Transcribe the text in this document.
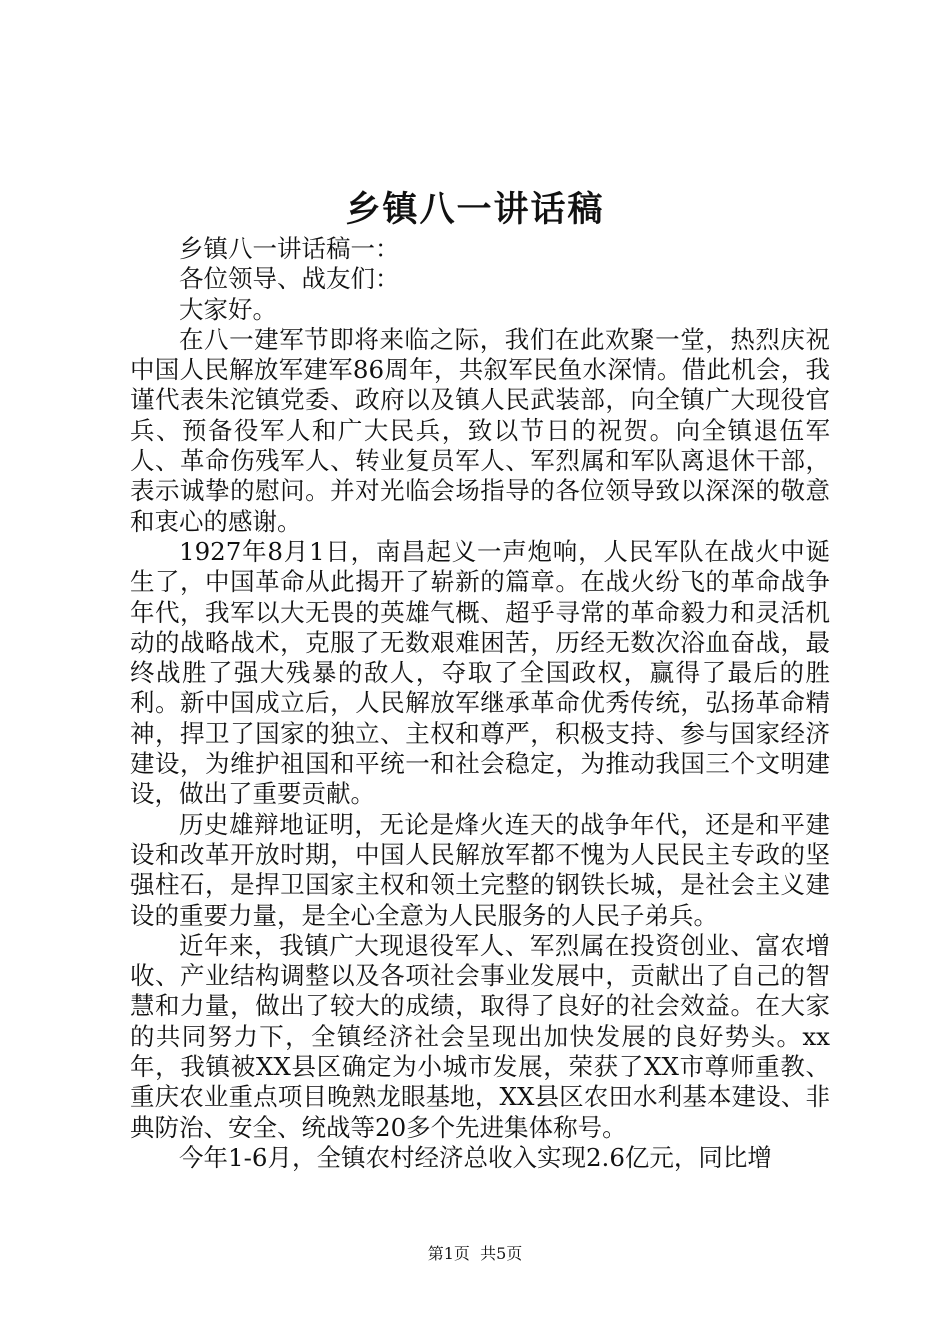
乡镇八一讲话稿

乡镇八一讲话稿一：

各位领导、战友们：

大家好。

在八一建军节即将来临之际，我们在此欢聚一堂，热烈庆祝中国人民解放军建军86周年，共叙军民鱼水深情。借此机会，我谨代表朱沱镇党委、政府以及镇人民武装部，向全镇广大现役官兵、预备役军人和广大民兵，致以节日的祝贺。向全镇退伍军人、革命伤残军人、转业复员军人、军烈属和军队离退休干部，表示诚挚的慰问。并对光临会场指导的各位领导致以深深的敬意和衷心的感谢。

1927年8月1日，南昌起义一声炮响，人民军队在战火中诞生了，中国革命从此揭开了崭新的篇章。在战火纷飞的革命战争年代，我军以大无畏的英雄气概、超乎寻常的革命毅力和灵活机动的战略战术，克服了无数艰难困苦，历经无数次浴血奋战，最终战胜了强大残暴的敌人，夺取了全国政权，赢得了最后的胜利。新中国成立后，人民解放军继承革命优秀传统，弘扬革命精神，捍卫了国家的独立、主权和尊严，积极支持、参与国家经济建设，为维护祖国和平统一和社会稳定，为推动我国三个文明建设，做出了重要贡献。

历史雄辩地证明，无论是烽火连天的战争年代，还是和平建设和改革开放时期，中国人民解放军都不愧为人民民主专政的坚强柱石，是捍卫国家主权和领土完整的钢铁长城，是社会主义建设的重要力量，是全心全意为人民服务的人民子弟兵。

近年来，我镇广大现退役军人、军烈属在投资创业、富农增收、产业结构调整以及各项社会事业发展中，贡献出了自己的智慧和力量，做出了较大的成绩，取得了良好的社会效益。在大家的共同努力下，全镇经济社会呈现出加快发展的良好势头。xx年，我镇被XX县区确定为小城市发展，荣获了XX市尊师重教、重庆农业重点项目晚熟龙眼基地，XX县区农田水利基本建设、非典防治、安全、统战等20多个先进集体称号。

今年1-6月，全镇农村经济总收入实现2.6亿元，同比增

第1页  共5页
